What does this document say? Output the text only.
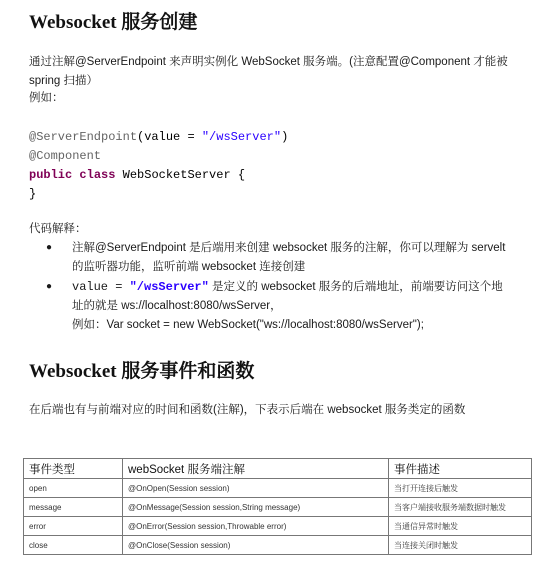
Websocket 服务创建
通过注解@ServerEndpoint 来声明实例化 WebSocket 服务端。(注意配置@Component 才能被
spring 扫描）
例如：
@ServerEndpoint(value = "/wsServer")
@Component
public class WebSocketServer {
}
代码解释：
● 注解@ServerEndpoint 是后端用来创建 websocket 服务的注解，你可以理解为 servelt
的监听器功能，监听前端 websocket 连接创建
● value = "/wsServer" 是定义的 websocket 服务的后端地址，前端要访问这个地
址的就是 ws://localhost:8080/wsServer，
例如：Var socket = new WebSocket("ws://localhost:8080/wsServer");
Websocket 服务事件和函数
在后端也有与前端对应的时间和函数(注解)，下表示后端在 websocket 服务类定的函数
事件类型	webSocket 服务端注解	事件描述
open	@OnOpen(Session session)	当打开连接后触发
message	@OnMessage(Session session,String message)	当客户端接收服务端数据时触发
error	@OnError(Session session,Throwable error)	当通信异常时触发
close	@OnClose(Session session)	当连接关闭时触发
